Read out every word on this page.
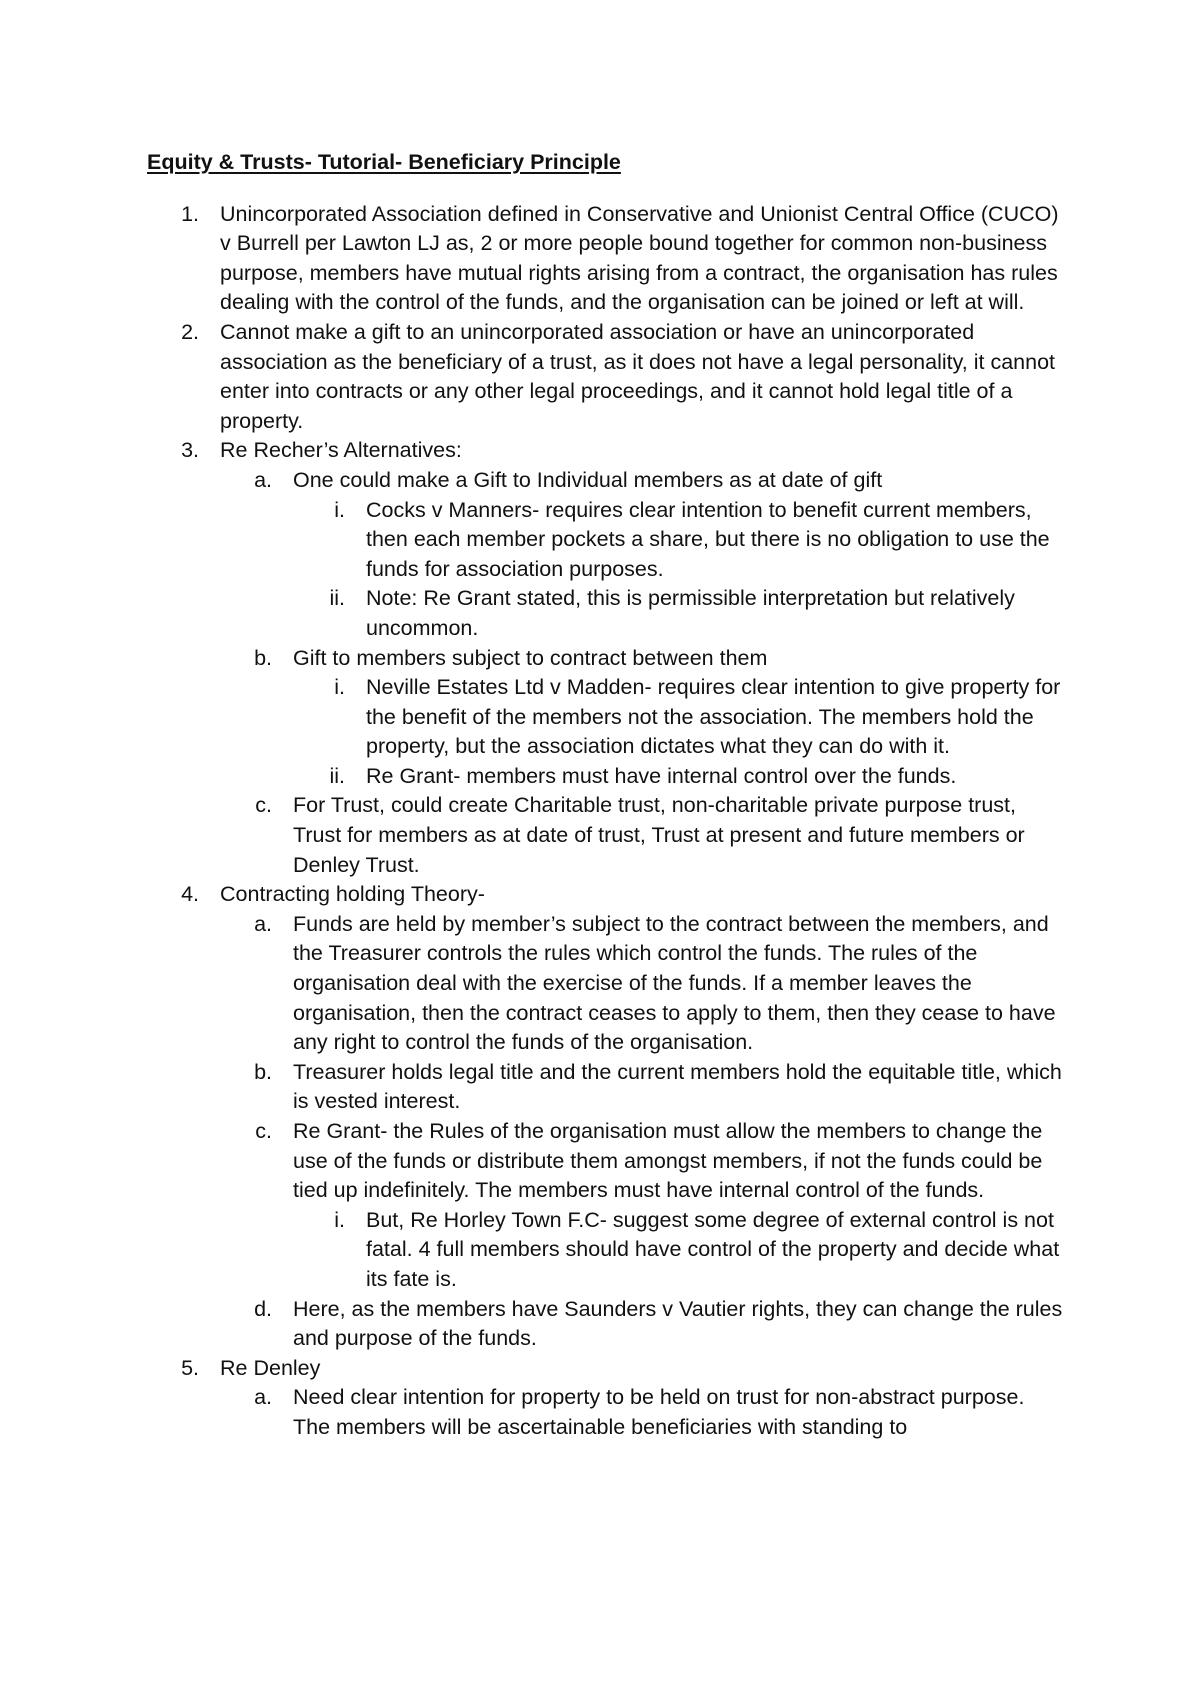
Equity & Trusts- Tutorial- Beneficiary Principle

1. Unincorporated Association defined in Conservative and Unionist Central Office (CUCO) v Burrell per Lawton LJ as, 2 or more people bound together for common non-business purpose, members have mutual rights arising from a contract, the organisation has rules dealing with the control of the funds, and the organisation can be joined or left at will.
2. Cannot make a gift to an unincorporated association or have an unincorporated association as the beneficiary of a trust, as it does not have a legal personality, it cannot enter into contracts or any other legal proceedings, and it cannot hold legal title of a property.
3. Re Recher’s Alternatives:
a. One could make a Gift to Individual members as at date of gift
i. Cocks v Manners- requires clear intention to benefit current members, then each member pockets a share, but there is no obligation to use the funds for association purposes.
ii. Note: Re Grant stated, this is permissible interpretation but relatively uncommon.
b. Gift to members subject to contract between them
i. Neville Estates Ltd v Madden- requires clear intention to give property for the benefit of the members not the association. The members hold the property, but the association dictates what they can do with it.
ii. Re Grant- members must have internal control over the funds.
c. For Trust, could create Charitable trust, non-charitable private purpose trust, Trust for members as at date of trust, Trust at present and future members or Denley Trust.
4. Contracting holding Theory-
a. Funds are held by member’s subject to the contract between the members, and the Treasurer controls the rules which control the funds. The rules of the organisation deal with the exercise of the funds. If a member leaves the organisation, then the contract ceases to apply to them, then they cease to have any right to control the funds of the organisation.
b. Treasurer holds legal title and the current members hold the equitable title, which is vested interest.
c. Re Grant- the Rules of the organisation must allow the members to change the use of the funds or distribute them amongst members, if not the funds could be tied up indefinitely. The members must have internal control of the funds.
i. But, Re Horley Town F.C- suggest some degree of external control is not fatal. 4 full members should have control of the property and decide what its fate is.
d. Here, as the members have Saunders v Vautier rights, they can change the rules and purpose of the funds.
5. Re Denley
a. Need clear intention for property to be held on trust for non-abstract purpose. The members will be ascertainable beneficiaries with standing to
